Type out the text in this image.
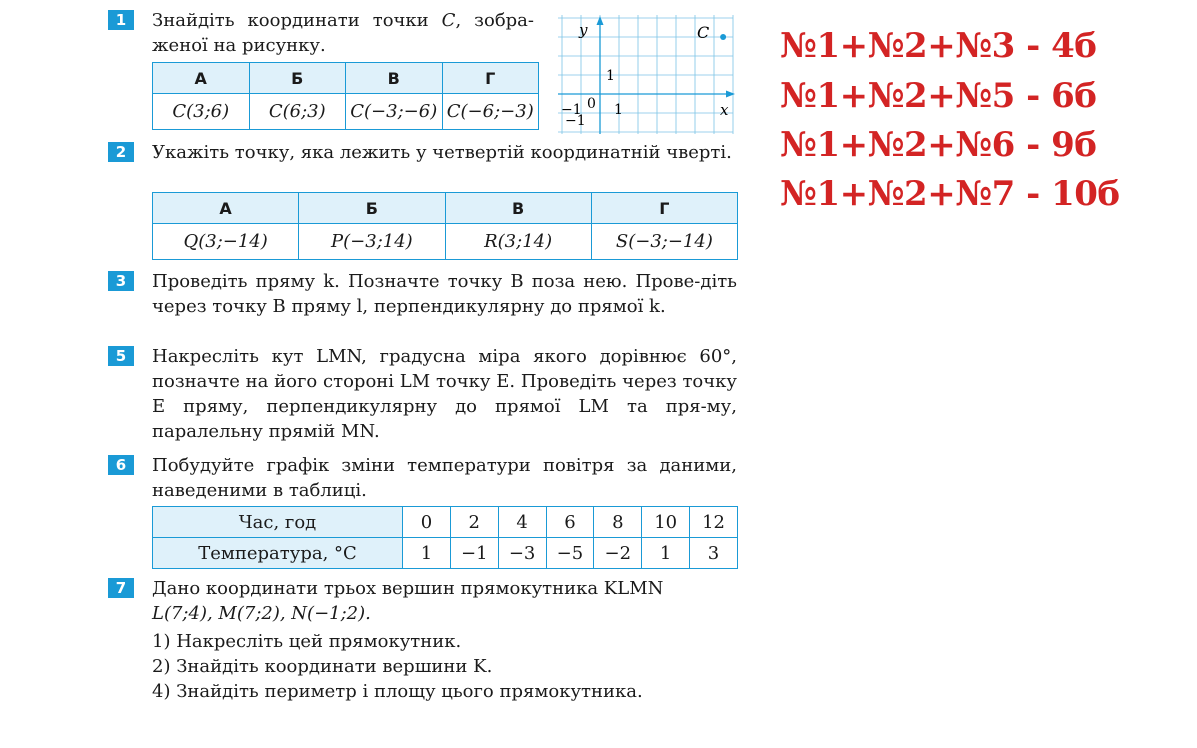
1	Знайдіть координати точки C, зобра-женої на рисунку.
А	Б	В	Г
C(3;6)	C(6;3)	C(−3;−6)	C(−6;−3)
y
x
C
1
1
0
−1
−1
2	Укажіть точку, яка лежить у четвертій координатній чверті.
А	Б	В	Г
Q(3;−14)	P(−3;14)	R(3;14)	S(−3;−14)
3	Проведіть пряму k. Позначте точку B поза нею. Прове-діть через точку B пряму l, перпендикулярну до прямої k.
5	Накресліть кут LMN, градусна міра якого дорівнює 60°, позначте на його стороні LM точку E. Проведіть через точку E пряму, перпендикулярну до прямої LM та пря-му, паралельну прямій MN.
6	Побудуйте графік зміни температури повітря за даними, наведеними в таблиці.
Час, год	0	2	4	6	8	10	12
Температура, °C	1	−1	−3	−5	−2	1	3
7	Дано координати трьох вершин прямокутника KLMN
L(7;4), M(7;2), N(−1;2).
1) Накресліть цей прямокутник.
2) Знайдіть координати вершини K.
4) Знайдіть периметр і площу цього прямокутника.
№1+№2+№3 - 4б
№1+№2+№5 - 6б
№1+№2+№6 - 9б
№1+№2+№7 - 10б
